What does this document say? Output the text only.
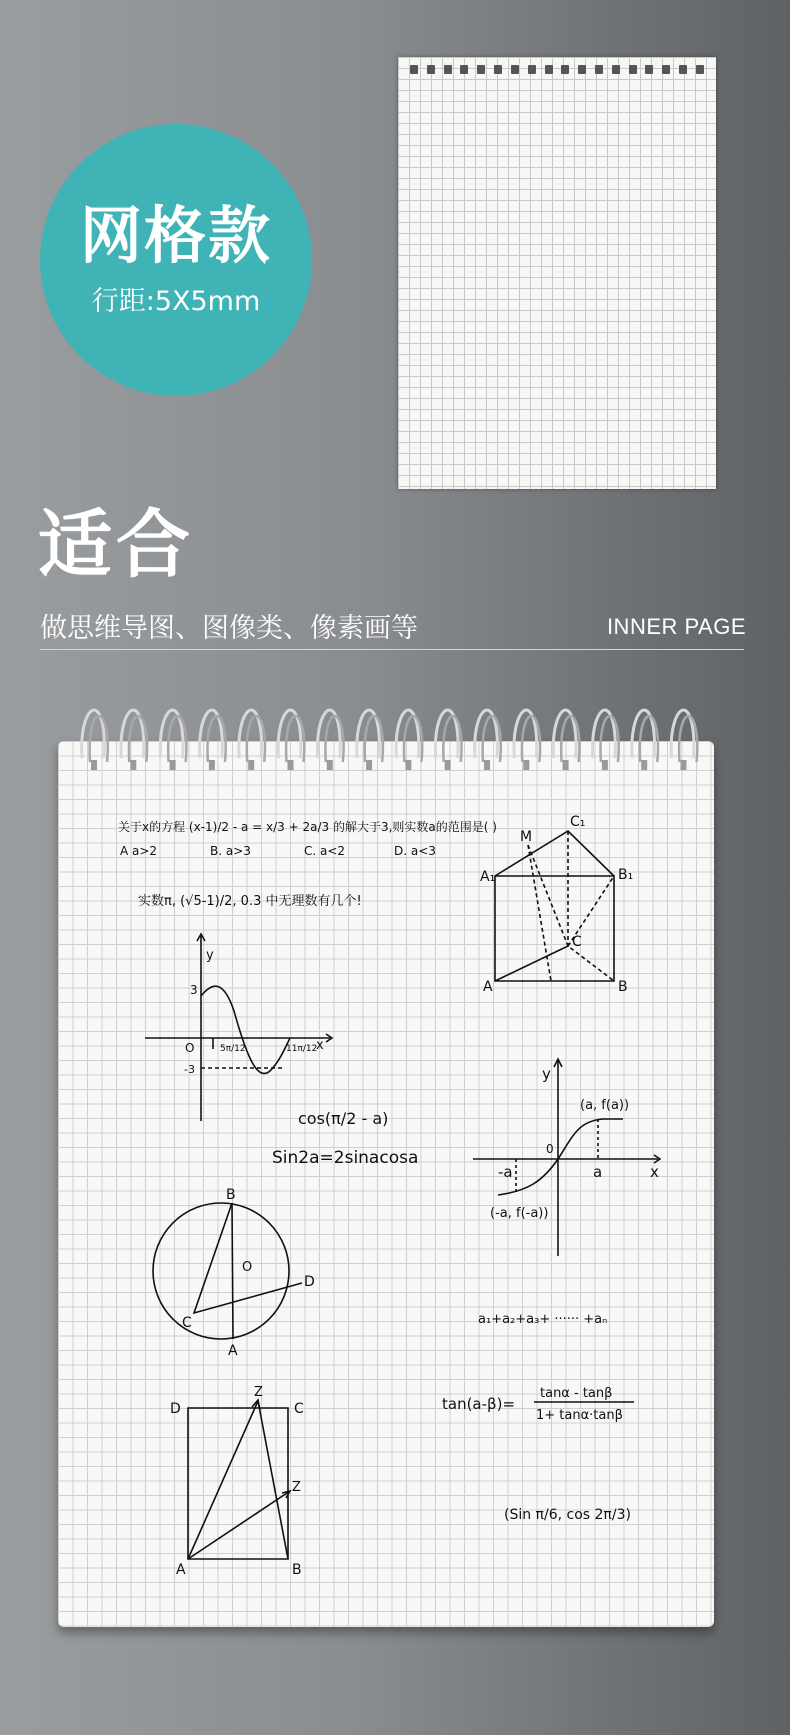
网格款
行距:5X5mm
适合
做思维导图、图像类、像素画等	INNER PAGE
关于x的方程 (x-1)/2 - a = x/3 + 2a/3 的解大于3,则实数a的范围是( )
A a>2	B. a>3	C. a<2	D. a<3
实数π, (√5-1)/2, 0.3 中无理数有几个!
A₁	B₁
C₁
M
A	B
C
y
x
O
3
-3
5π/12	11π/12
cos(π/2 - a)
Sin2a=2sinacosa
y
x
0
a
-a
(a, f(a))
(-a, f(-a))
B
A
C
D
O
a₁+a₂+a₃+ ······ +aₙ
tan(a-β)=
tanα - tanβ
1+ tanα·tanβ
(Sin π/6, cos 2π/3)
D	C
A	B
Z
Z
